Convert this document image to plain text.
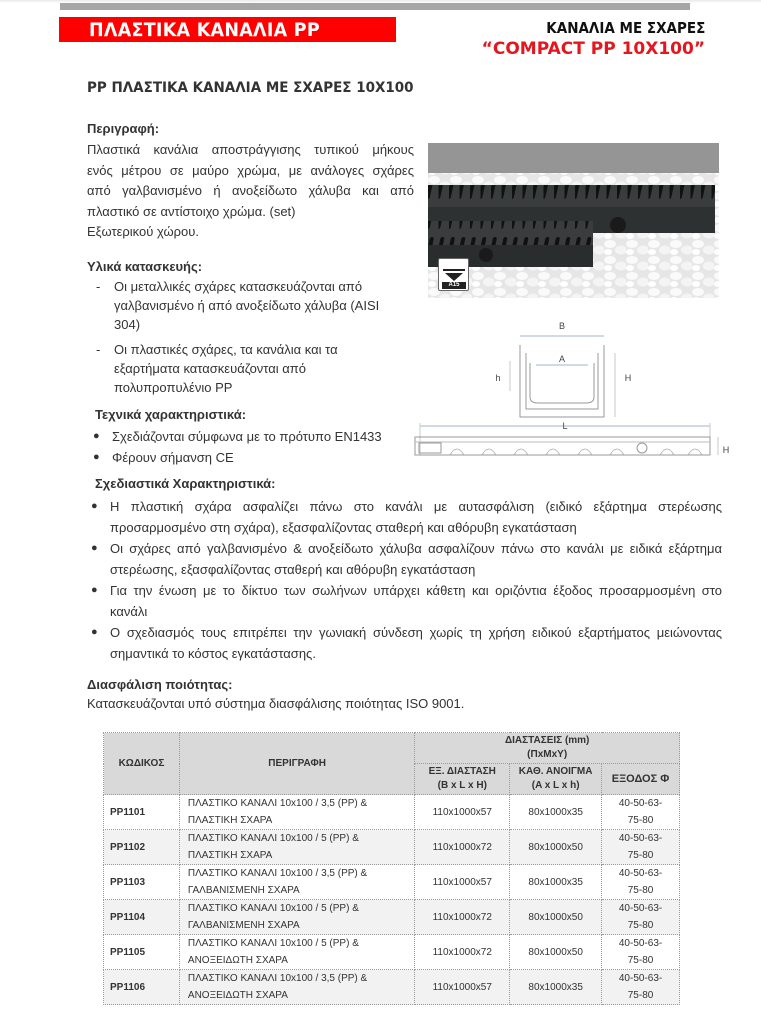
ΠΛΑΣΤΙΚΑ ΚΑΝΑΛΙΑ PP	ΚΑΝΑΛΙΑ ΜΕ ΣΧΑΡΕΣ
“COMPACT PP 10X100”
PP ΠΛΑΣΤΙΚΑ ΚΑΝΑΛΙΑ ΜΕ ΣΧΑΡΕΣ 10X100
Περιγραφή:
Πλαστικά κανάλια αποστράγγισης τυπικού μήκους
ενός μέτρου σε μαύρο χρώμα, με ανάλογες σχάρες
από γαλβανισμένο ή ανοξείδωτο χάλυβα και από
πλαστικό σε αντίστοιχο χρώμα. (set)
Εξωτερικού χώρου.
Υλικά κατασκευής:
- Οι μεταλλικές σχάρες κατασκευάζονται από γαλβανισμένο ή από ανοξείδωτο χάλυβα (AISI 304)
- Οι πλαστικές σχάρες, τα κανάλια και τα εξαρτήματα κατασκευάζονται από πολυπροπυλένιο PP
Τεχνικά χαρακτηριστικά:
● Σχεδιάζονται σύμφωνα με το πρότυπο EN1433
● Φέρουν σήμανση CE
A15
B
A
h	H
L
H
Σχεδιαστικά Χαρακτηριστικά:
● Η πλαστική σχάρα ασφαλίζει πάνω στο κανάλι με αυτασφάλιση (ειδικό εξάρτημα στερέωσης προσαρμοσμένο στη σχάρα), εξασφαλίζοντας σταθερή και αθόρυβη εγκατάσταση
● Οι σχάρες από γαλβανισμένο & ανοξείδωτο χάλυβα ασφαλίζουν πάνω στο κανάλι με ειδικά εξάρτημα στερέωσης, εξασφαλίζοντας σταθερή και αθόρυβη εγκατάσταση
● Για την ένωση με το δίκτυο των σωλήνων υπάρχει κάθετη και οριζόντια έξοδος προσαρμοσμένη στο κανάλι
● Ο σχεδιασμός τους επιτρέπει την γωνιακή σύνδεση χωρίς τη χρήση ειδικού εξαρτήματος μειώνοντας σημαντικά το κόστος εγκατάστασης.
Διασφάλιση ποιότητας:
Κατασκευάζονται υπό σύστημα διασφάλισης ποιότητας ISO 9001.
ΚΩΔΙΚΟΣ	ΠΕΡΙΓΡΑΦΗ	ΔΙΑΣΤΑΣΕΙΣ (mm)
(ΠxΜxΥ)		
		ΕΞ. ΔΙΑΣΤΑΣΗ
(B x L x H)	ΚΑΘ. ΑΝΟΙΓΜΑ
(A x L x h)	ΕΞΟΔΟΣ Φ
PP1101	ΠΛΑΣΤΙΚΟ ΚΑΝΑΛΙ 10x100 / 3,5 (PP) &
ΠΛΑΣΤΙΚΗ ΣΧΑΡΑ	110x1000x57	80x1000x35	40-50-63-
75-80
PP1102	ΠΛΑΣΤΙΚΟ ΚΑΝΑΛΙ 10x100 / 5 (PP) &
ΠΛΑΣΤΙΚΗ ΣΧΑΡΑ	110x1000x72	80x1000x50	40-50-63-
75-80
PP1103	ΠΛΑΣΤΙΚΟ ΚΑΝΑΛΙ 10x100 / 3,5 (PP) &
ΓΑΛΒΑΝΙΣΜΕΝΗ ΣΧΑΡΑ	110x1000x57	80x1000x35	40-50-63-
75-80
PP1104	ΠΛΑΣΤΙΚΟ ΚΑΝΑΛΙ 10x100 / 5 (PP) &
ΓΑΛΒΑΝΙΣΜΕΝΗ ΣΧΑΡΑ	110x1000x72	80x1000x50	40-50-63-
75-80
PP1105	ΠΛΑΣΤΙΚΟ ΚΑΝΑΛΙ 10x100 / 5 (PP) &
ΑΝΟΞΕΙΔΩΤΗ ΣΧΑΡΑ	110x1000x72	80x1000x50	40-50-63-
75-80
PP1106	ΠΛΑΣΤΙΚΟ ΚΑΝΑΛΙ 10x100 / 3,5 (PP) &
ΑΝΟΞΕΙΔΩΤΗ ΣΧΑΡΑ	110x1000x57	80x1000x35	40-50-63-
75-80
